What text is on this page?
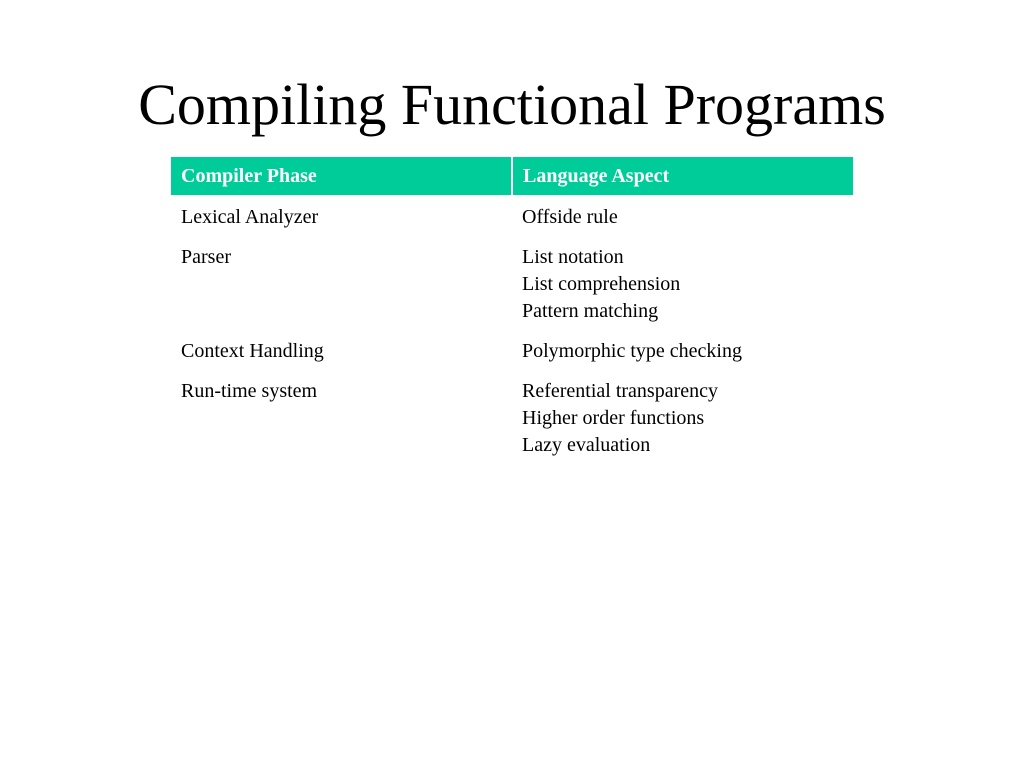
Compiling Functional Programs
Compiler Phase	Language Aspect

Lexical Analyzer	Offside rule

Parser	List notation
List comprehension
Pattern matching

Context Handling	Polymorphic type checking

Run-time system	Referential transparency
Higher order functions
Lazy evaluation
